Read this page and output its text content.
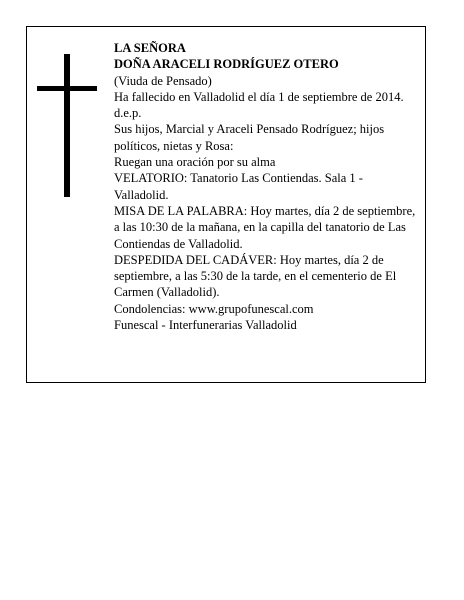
LA SEÑORA

DOÑA ARACELI RODRÍGUEZ OTERO

(Viuda de Pensado)

Ha fallecido en Valladolid el día 1 de septiembre de 2014.

d.e.p.

Sus hijos, Marcial y Araceli Pensado Rodríguez; hijos políticos, nietas y Rosa:

Ruegan una oración por su alma

VELATORIO: Tanatorio Las Contiendas. Sala 1 - Valladolid.

MISA DE LA PALABRA: Hoy martes, día 2 de septiembre, a las 10:30 de la mañana, en la capilla del tanatorio de Las Contiendas de Valladolid.

DESPEDIDA DEL CADÁVER: Hoy martes, día 2 de septiembre, a las 5:30 de la tarde, en el cementerio de El Carmen (Valladolid).

Condolencias: www.grupofunescal.com

Funescal - Interfunerarias Valladolid
